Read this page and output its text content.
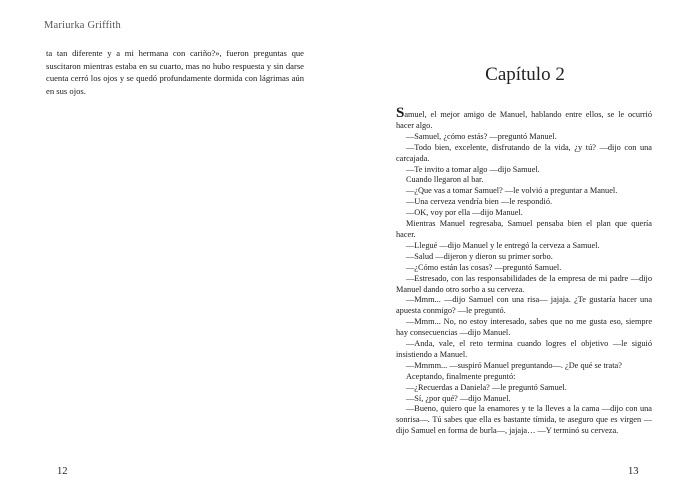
Mariurka Griffith

ta tan diferente y a mi hermana con cariño?», fueron preguntas que suscitaron mientras estaba en su cuarto, mas no hubo respuesta y sin darse cuenta cerró los ojos y se quedó profundamente dormida con lágrimas aún en sus ojos.

12
Capítulo 2

Samuel, el mejor amigo de Manuel, hablando entre ellos, se le ocurrió hacer algo.

—Samuel, ¿cómo estás? —preguntó Manuel.

—Todo bien, excelente, disfrutando de la vida, ¿y tú? —dijo con una carcajada.

—Te invito a tomar algo —dijo Samuel.

Cuando llegaron al bar.

—¿Que vas a tomar Samuel? —le volvió a preguntar a Manuel.

—Una cerveza vendría bien —le respondió.

—OK, voy por ella —dijo Manuel.

Mientras Manuel regresaba, Samuel pensaba bien el plan que quería hacer.

—Llegué —dijo Manuel y le entregó la cerveza a Samuel.

—Salud —dijeron y dieron su primer sorbo.

—¿Cómo están las cosas? —preguntó Samuel.

—Estresado, con las responsabilidades de la empresa de mi padre —dijo Manuel dando otro sorbo a su cerveza.

—Mmm... —dijo Samuel con una risa— jajaja. ¿Te gustaría hacer una apuesta conmigo? —le preguntó.

—Mmm... No, no estoy interesado, sabes que no me gusta eso, siempre hay consecuencias —dijo Manuel.

—Anda, vale, el reto termina cuando logres el objetivo —le siguió insistiendo a Manuel.

—Mmmm... —suspiró Manuel preguntando—. ¿De qué se trata?

Aceptando, finalmente preguntó:

—¿Recuerdas a Daniela? —le preguntó Samuel.

—Sí, ¿por qué? —dijo Manuel.

—Bueno, quiero que la enamores y te la lleves a la cama —dijo con una sonrisa—. Tú sabes que ella es bastante tímida, te aseguro que es virgen —dijo Samuel en forma de burla—, jajaja… —Y terminó su cerveza.

13
